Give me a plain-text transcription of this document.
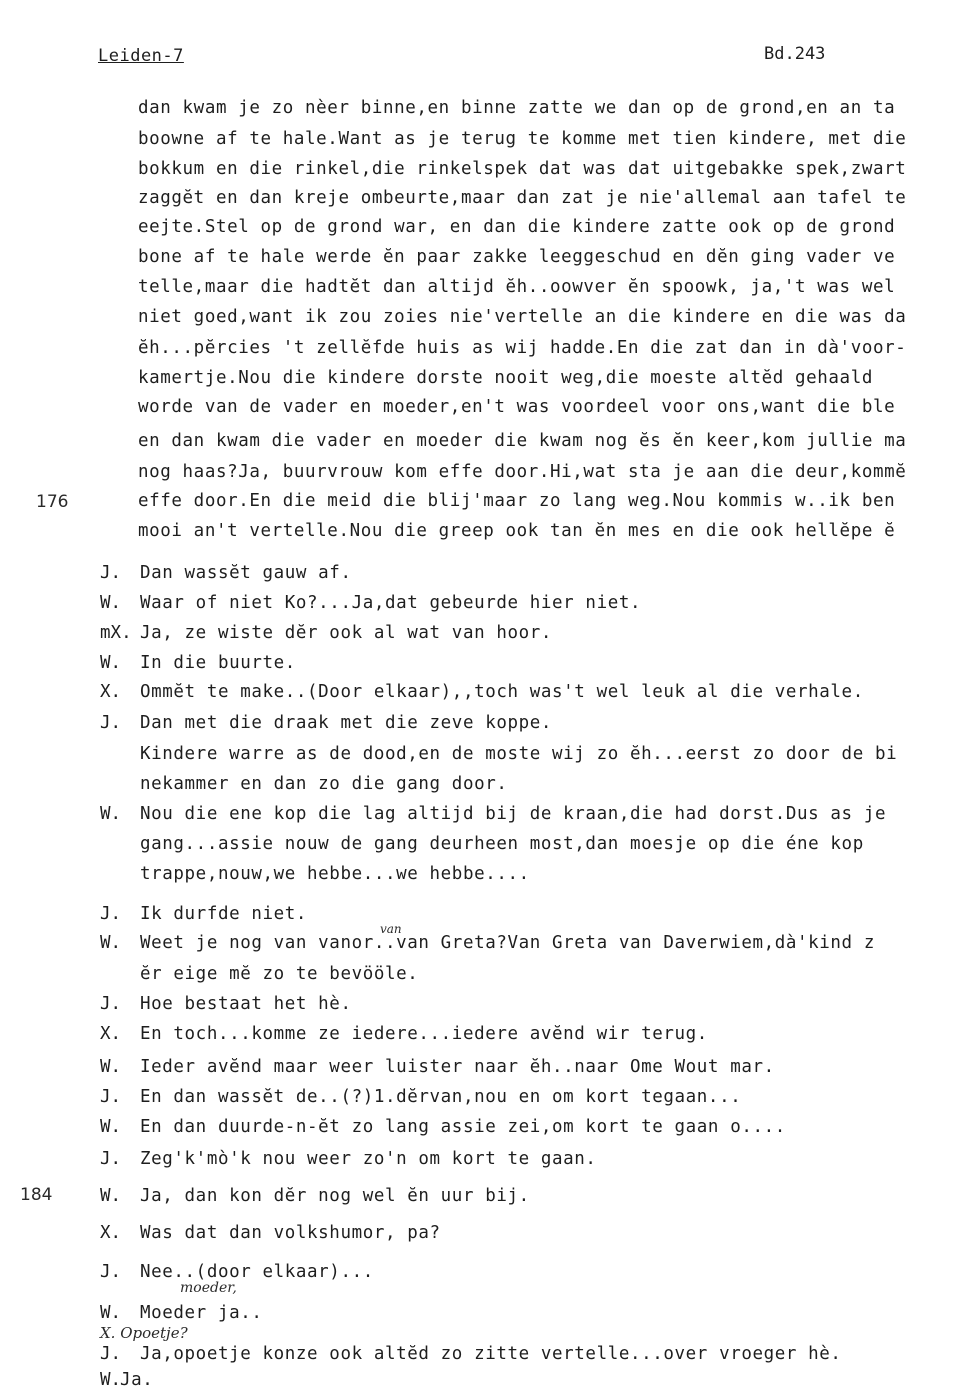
Leiden-7	Bd.243
dan kwam je zo nèer binne,en binne zatte we dan op de grond,en an ta
boowne af te hale.Want as je terug te komme met tien kindere, met die
bokkum en die rinkel,die rinkelspek dat was dat uitgebakke spek,zwart
zaggĕt en dan kreje ombeurte,maar dan zat je nie'allemal aan tafel te
eejte.Stel op de grond war, en dan die kindere zatte ook op de grond
bone af te hale werde ĕn paar zakke leeggeschud en dĕn ging vader ve
telle,maar die hadtĕt dan altijd ĕh..oowver ĕn spoowk, ja,'t was wel
niet goed,want ik zou zoies nie'vertelle an die kindere en die was da
ĕh...pĕrcies 't zellĕfde huis as wij hadde.En die zat dan in dà'voor-
kamertje.Nou die kindere dorste nooit weg,die moeste altĕd gehaald
worde van de vader en moeder,en't was voordeel voor ons,want die ble
en dan kwam die vader en moeder die kwam nog ĕs ĕn keer,kom jullie ma
nog haas?Ja, buurvrouw kom effe door.Hi,wat sta je aan die deur,kommĕ
effe door.En die meid die blij'maar zo lang weg.Nou kommis w..ik ben
mooi an't vertelle.Nou die greep ook tan ĕn mes en die ook hellĕpe ĕ
176
J. Dan wassĕt gauw af.
W. Waar of niet Ko?...Ja,dat gebeurde hier niet.
mX. Ja, ze wiste dĕr ook al wat van hoor.
W. In die buurte.
X. Ommĕt te make..(Door elkaar),,toch was't wel leuk al die verhale.
J. Dan met die draak met die zeve koppe.
Kindere warre as de dood,en de moste wij zo ĕh...eerst zo door de bi
nekammer en dan zo die gang door.
W. Nou die ene kop die lag altijd bij de kraan,die had dorst.Dus as je
gang...assie nouw de gang deurheen most,dan moesje op die éne kop
trappe,nouw,we hebbe...we hebbe....
J. Ik durfde niet.
W. Weet je nog van vanor..van Greta?Van Greta van Daverwiem,dà'kind z
ĕr eige mĕ zo te bevööle.
J. Hoe bestaat het hè.
X. En toch...komme ze iedere...iedere avĕnd wir terug.
W. Ieder avĕnd maar weer luister naar ĕh..naar Ome Wout mar.
J. En dan wassĕt de..(?)1.dĕrvan,nou en om kort tegaan...
W. En dan duurde-n-ĕt zo lang assie zei,om kort te gaan o....
J. Zeg'k'mò'k nou weer zo'n om kort te gaan.
184	W. Ja, dan kon dĕr nog wel ĕn uur bij.
X. Was dat dan volkshumor, pa?
J. Nee..(door elkaar)...
moeder,
W. Moeder ja..
X. Opoetje?
J. Ja,opoetje konze ook altĕd zo zitte vertelle...over vroeger hè.
W.
Ja.
van
